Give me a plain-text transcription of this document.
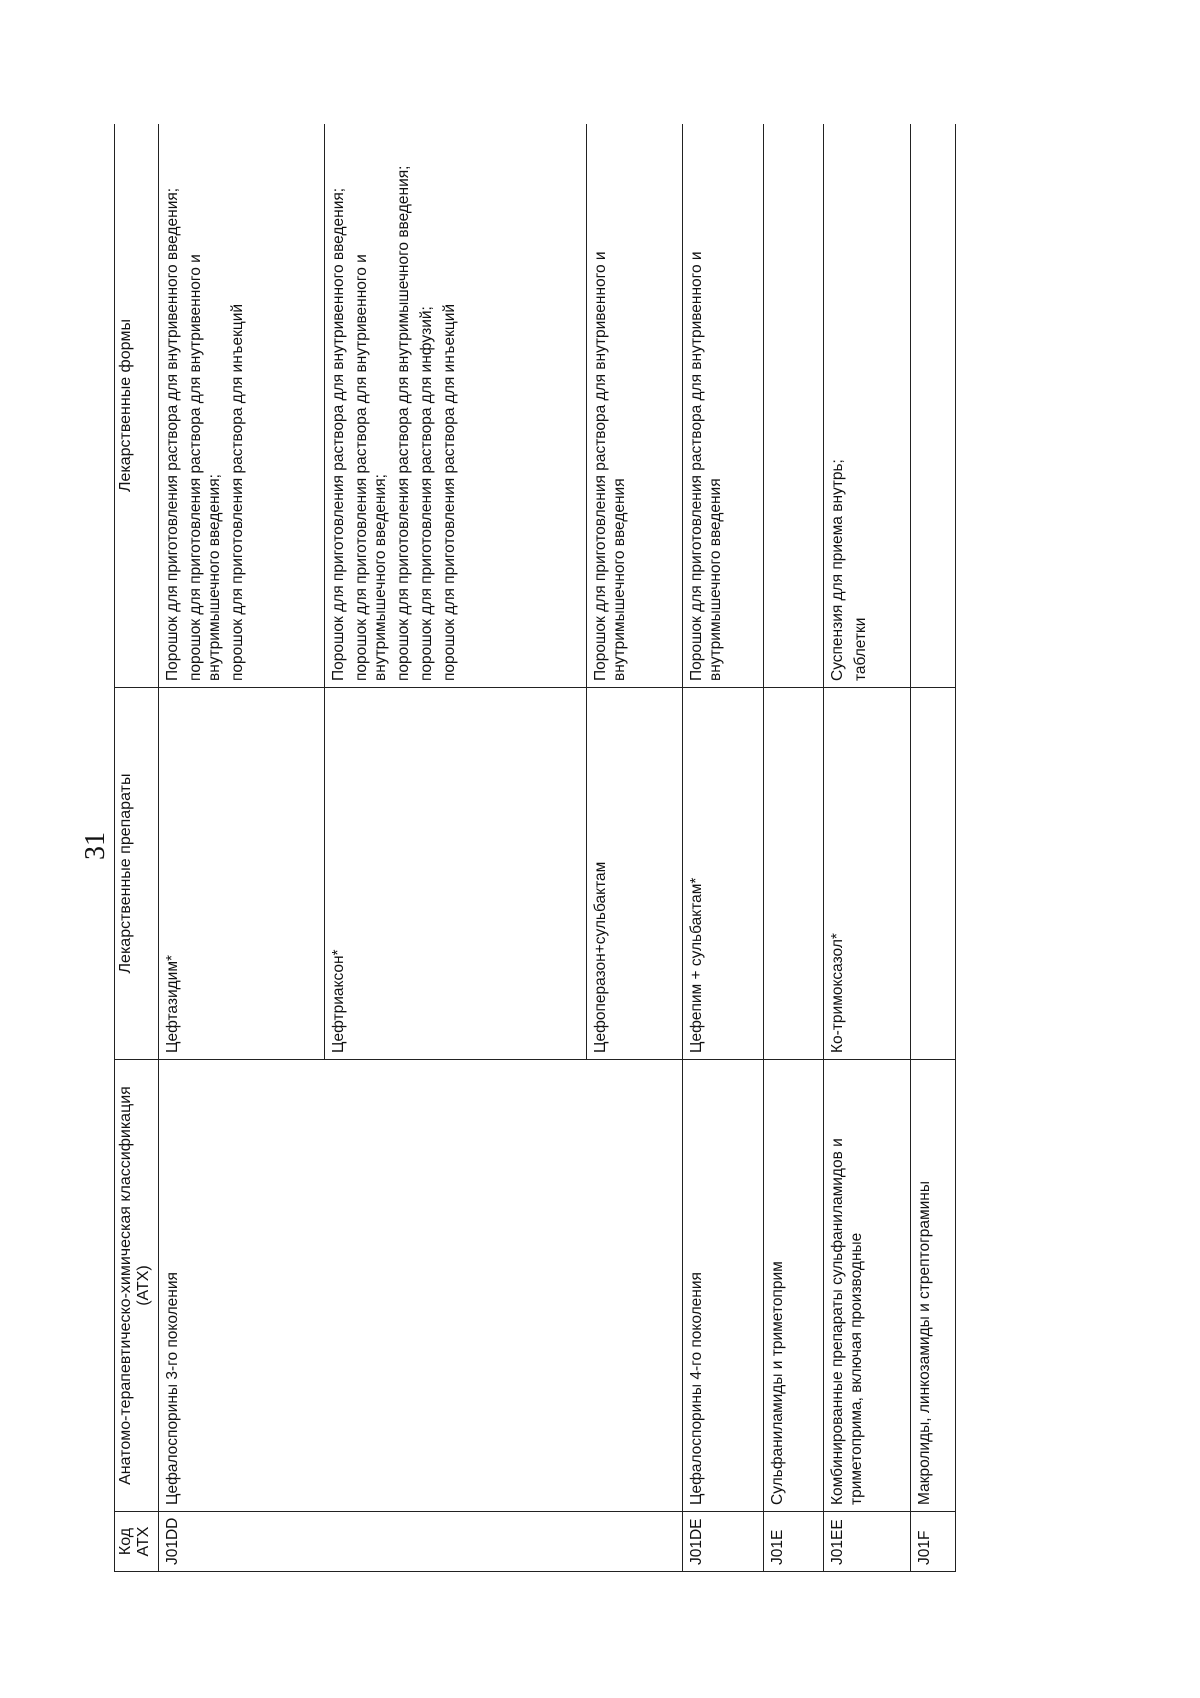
31
Код АТХ	Анатомо-терапевтическо-химическая классификация (АТХ)	Лекарственные препараты	Лекарственные формы
J01DD	Цефалоспорины 3-го поколения	Цефтазидим*	Порошок для приготовления раствора для внутривенного введения; порошок для приготовления раствора для внутривенного и внутримышечного введения; порошок для приготовления раствора для инъекций

		Цефтриаксон*	Порошок для приготовления раствора для внутривенного введения; порошок для приготовления раствора для внутривенного и внутримышечного введения; порошок для приготовления раствора для внутримышечного введения; порошок для приготовления раствора для инфузий; порошок для приготовления раствора для инъекций

		Цефоперазон+сульбактам	Порошок для приготовления раствора для внутривенного и внутримышечного введения

J01DE	Цефалоспорины 4-го поколения	Цефепим + сульбактам*	Порошок для приготовления раствора для внутривенного и внутримышечного введения

J01E	Сульфаниламиды и триметоприм		
J01EE	Комбинированные препараты сульфаниламидов и триметоприма, включая производные	Ко-тримоксазол*	Суспензия для приема внутрь; таблетки

J01F	Макролиды, линкозамиды и стрептограмины		
